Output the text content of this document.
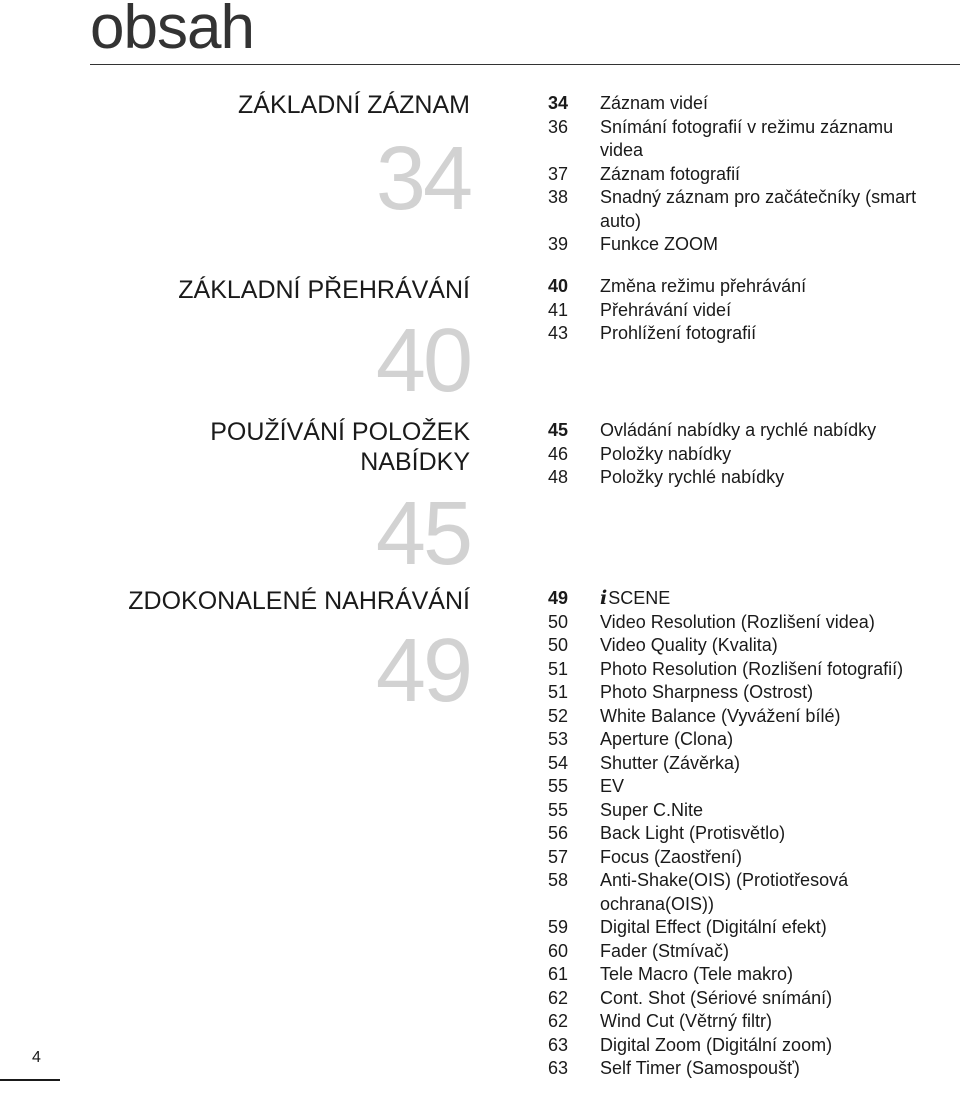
obsah
ZÁKLADNÍ ZÁZNAM
34
34 Záznam videí
36 Snímání fotografií v režimu záznamu videa
37 Záznam fotografií
38 Snadný záznam pro začátečníky (smart auto)
39 Funkce ZOOM
ZÁKLADNÍ PŘEHRÁVÁNÍ
40
40 Změna režimu přehrávání
41 Přehrávání videí
43 Prohlížení fotografií
POUŽÍVÁNÍ POLOŽEK
NABÍDKY
45
45 Ovládání nabídky a rychlé nabídky
46 Položky nabídky
48 Položky rychlé nabídky
ZDOKONALENÉ NAHRÁVÁNÍ
49
49 iSCENE
50 Video Resolution (Rozlišení videa)
50 Video Quality (Kvalita)
51 Photo Resolution (Rozlišení fotografií)
51 Photo Sharpness (Ostrost)
52 White Balance (Vyvážení bílé)
53 Aperture (Clona)
54 Shutter (Závěrka)
55 EV
55 Super C.Nite
56 Back Light (Protisvětlo)
57 Focus (Zaostření)
58 Anti-Shake(OIS) (Protiotřesová ochrana(OIS))
59 Digital Effect (Digitální efekt)
60 Fader (Stmívač)
61 Tele Macro (Tele makro)
62 Cont. Shot (Sériové snímání)
62 Wind Cut (Větrný filtr)
63 Digital Zoom (Digitální zoom)
63 Self Timer (Samospoušť)
4
